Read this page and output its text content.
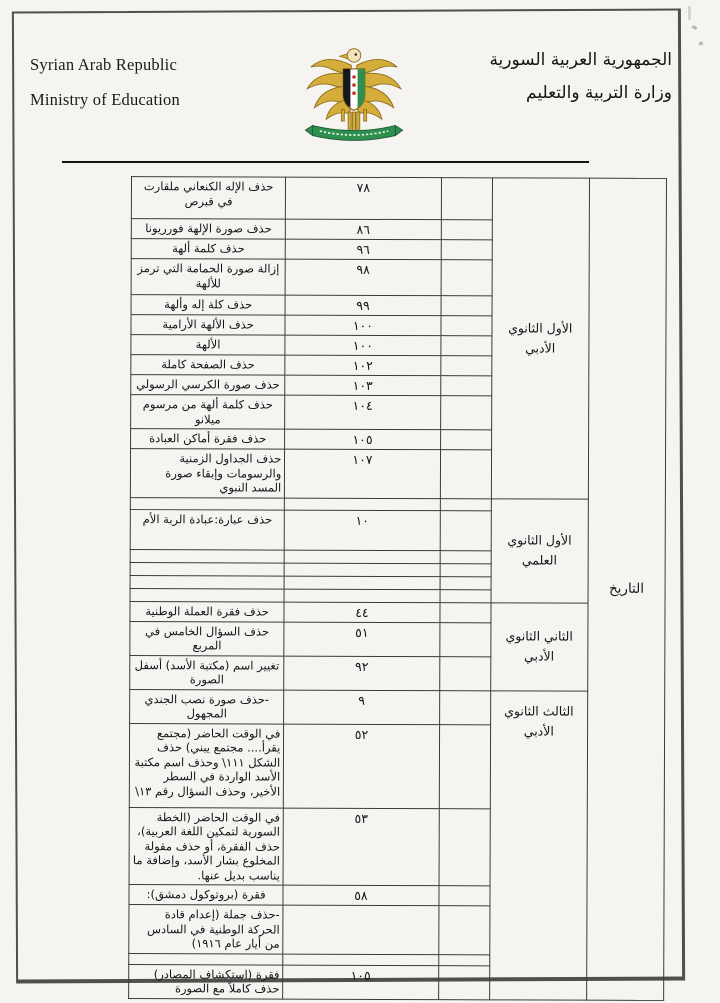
Syrian Arab Republic
Ministry of Education
الجمهورية العربية السورية
وزارة التربية والتعليم
التاريخ	الأول الثانوي الأدبي		٧٨	حذف الإله الكنعاني ملقارت في قبرص
			٨٦	حذف صورة الإلهة فورريونا
			٩٦	حذف كلمة ألهة
			٩٨	إزالة صورة الحمامة التي ترمز للألهة
			٩٩	حذف كلة إله وألهة
			١٠٠	حذف الألهة الأرامية
			١٠٠	الألهة
			١٠٢	حذف الصفحة كاملة
			١٠٣	حذف صورة الكرسي الرسولي
			١٠٤	حذف كلمة ألهة من مرسوم ميلانو
			١٠٥	حذف فقرة أماكن العبادة
			١٠٧	حذف الجداول الزمنية والرسومات وإبقاء صورة المسد النبوي
	الأول الثانوي العلمي			
			١٠	حذف عبارة:عبادة الربة الأم

	الثاني الثانوي الأدبي		٤٤	حذف فقرة العملة الوطنية
			٥١	حذف السؤال الخامس في المربع
			٩٢	تغيير اسم (مكتبة الأسد) أسفل الصورة
	الثالث الثانوي الأدبي		٩	-حذف صورة نصب الجندي المجهول
			٥٢	في الوقت الحاضر (مجتمع يقرأ.... مجتمع يبني) حذف الشكل ١١١\ وحذف اسم مكتبة الأسد الواردة في السطر الأخير، وحذف السؤال رقم ١٣\
			٥٣	في الوقت الحاضر (الخطة السورية لتمكين اللغة العربية)، حذف الفقرة، أو حذف مقولة المخلوع بشار الأسد، وإضافة ما يناسب بديل عنها.
			٥٨	فقرة (بروتوكول دمشق):
				-حذف جملة (إعدام قادة الحركة الوطنية في السادس من أيار عام ١٩١٦)

			١٠٥	فقرة (استكشاف المصادر) حذف كاملاً مع الصورة
